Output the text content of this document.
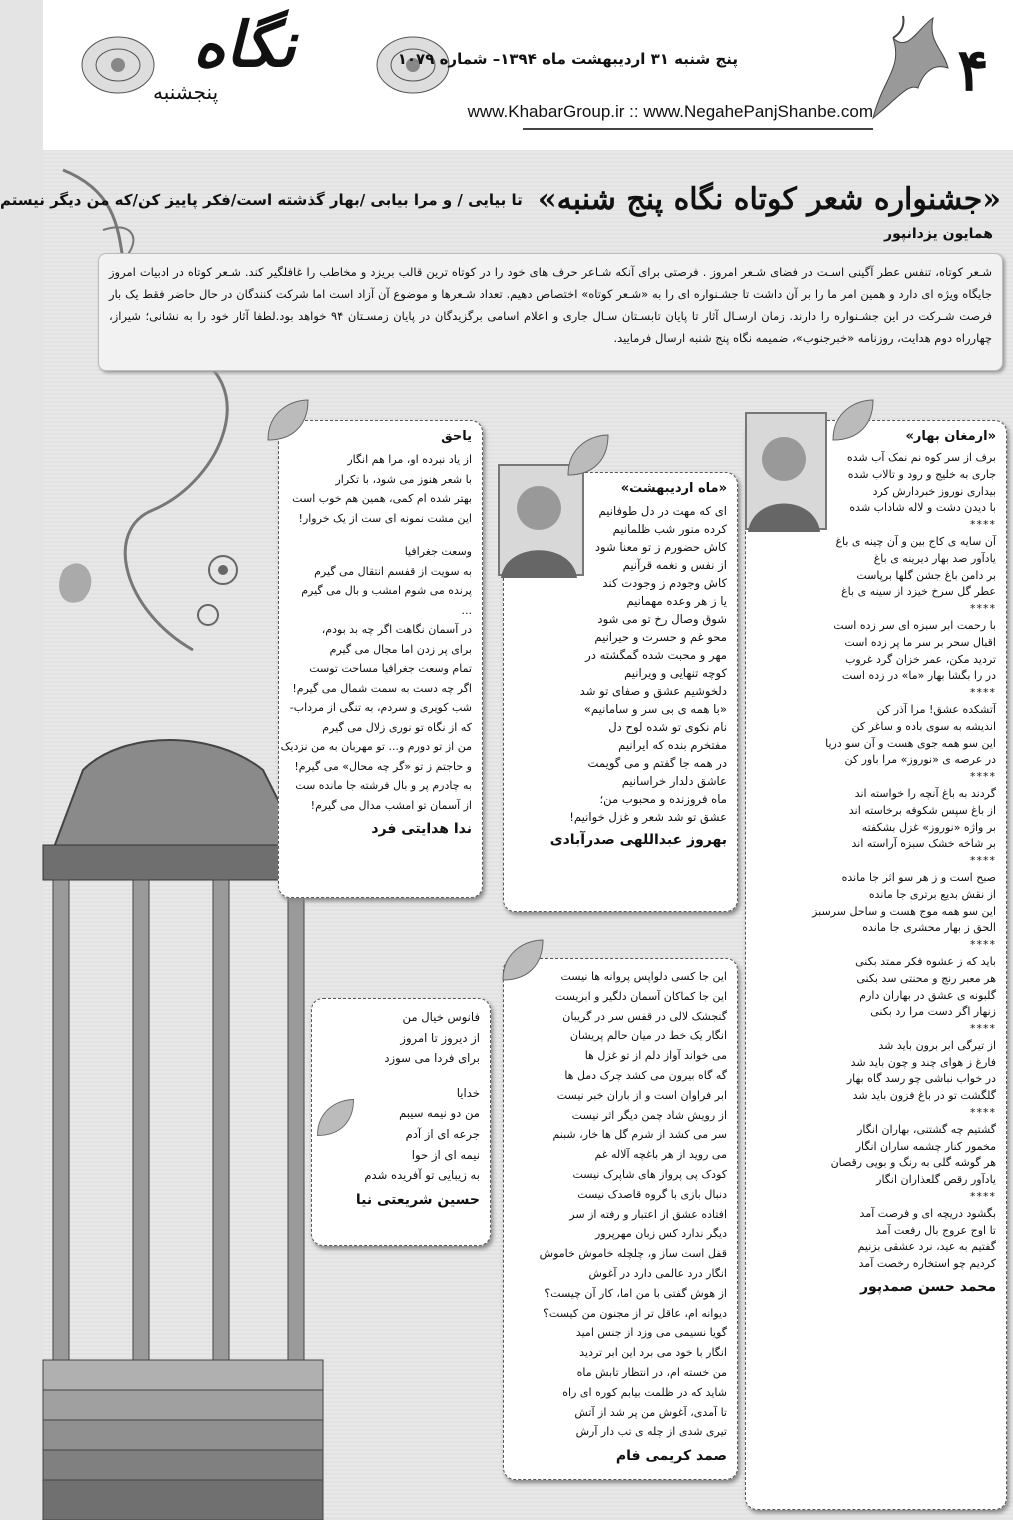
۴
نگاه
پنجشنبه
پنج شنبه ۳۱ اردیبهشت ماه ۱۳۹۴– شماره ۱۰۷۹
www.KhabarGroup.ir :: www.NegahePanjShanbe.com
«جشنواره شعر کوتاه نگاه پنج شنبه» تا بیایی / و مرا بیابی /بهار گذشته است/فکر پاییز کن/که من دیگر نیستم
همایون یزدانپور
شـعر کوتاه، تنفس عطر آگینی اسـت در فضای شـعر امروز . فرصتی برای آنکه شـاعر حرف های خود را در کوتاه ترین قالب بریزد و مخاطب را غافلگیر کند. شـعر کوتاه در ادبیات امروز جایگاه ویژه ای دارد و همین امر ما را بر آن داشت تا جشـنواره ای را به «شـعر کوتاه» اختصاص دهیم. تعداد شـعرها و موضوع آن آزاد است اما شرکت کنندگان در حال حاضر فقط یک بار فرصت شـرکت در این جشـنواره را دارند. زمان ارسـال آثار تا پایان تابسـتان سـال جاری و اعلام اسامی برگزیدگان در پایان زمسـتان ۹۴ خواهد بود.لطفا آثار خود را به نشانی؛ شیراز، چهارراه دوم هدایت، روزنامه «خبرجنوب»، ضمیمه نگاه پنج شنبه ارسال فرمایید.
«ارمغان بهار»
برف از سر کوه نم نمک آب شده
جاری به خلیج و رود و تالاب شده
بیداری نوروز خبردارش کرد
با دیدن دشت و لاله شاداب شده
****
آن سایه ی کاج بین و آن چینه ی باغ
یادآور صد بهار دیرینه ی باغ
بر دامن باغ جشن گلها برپاست
عطر گل سرخ خیزد از سینه ی باغ
****
با رحمت ابر سبزه ای سر زده است
اقبال سحر بر سر ما پر زده است
تردید مکن، عمر خزان گرد غروب
در را بگشا بهار «ما» در زده است
****
آتشکده عشق! مرا آذر کن
اندیشه به سوی باده و ساغر کن
این سو همه جوی هست و آن سو دریا
در عرصه ی «نوروز» مرا باور کن
****
گردند به باغ آنچه را خواسته اند
از باغ سپس شکوفه برخاسته اند
بر واژه «نوروز» غزل بشکفته
بر شاخه خشک سبزه آراسته اند
****
صبح است و ز هر سو اثر جا مانده
از نقش بدیع برتری جا مانده
این سو همه موج هست و ساحل سرسبز
الحق ز بهار محشری جا مانده
****
باید که ز عشوه فکر ممتد بکنی
هر معبر رنج و محنتی سد بکنی
گلبونه ی عشق در بهاران دارم
زنهار اگر دست مرا رد بکنی
****
از تیرگی ابر برون باید شد
فارغ ز هوای چند و چون باید شد
در خواب نباشی چو رسد گاه بهار
گلگشت تو در باغ فزون باید شد
****
گشتیم چه گشتنی، بهاران انگار
مخمور کنار چشمه ساران انگار
هر گوشه گلی به رنگ و بویی رقصان
یادآور رقص گلعذاران انگار
****
بگشود دریچه ای و فرصت آمد
تا اوج عروج بال رفعت آمد
گفتیم به عید، نرد عشقی بزنیم
کردیم چو استخاره رخصت آمد
محمد حسن صمدپور
«ماه اردیبهشت»
ای که مهت در دل طوفانیم
کرده منور شب ظلمانیم
کاش حضورم ز تو معنا شود
از نفس و نغمه قرآنیم
کاش وجودم ز وجودت کند
یا ز هر وعده مهمانیم
شوق وصال رخ تو می شود
محو غم و حسرت و حیرانیم
مهر و محبت شده گمگشته در
کوچه تنهایی و ویرانیم
دلخوشیم عشق و صفای تو شد
«با همه ی بی سر و سامانیم»
نام نکوی تو شده لوح دل
مفتخرم بنده که ایرانیم
در همه جا گفتم و می گویمت
عاشق دلدار خراسانیم
ماه فروزنده و محبوب من؛
عشق تو شد شعر و غزل خوانیم!
بهروز عبداللهی صدرآبادی
یاحق
از یاد نبرده او، مرا هم انگار
با شعر هنوز می شود، با تکرار
بهتر شده ام کمی، همین هم خوب است
این مشت نمونه ای ست از یک خروار!
وسعت جغرافیا
به سویت از قفسم انتقال می گیرم
پرنده می شوم امشب و بال می گیرم
...
در آسمان نگاهت اگر چه بد بودم،
برای پر زدن اما مجال می گیرم
تمام وسعت جغرافیا مساحت توست
اگر چه دست به سمت شمال می گیرم!
شب کویری و سردم، به تنگی از مرداب-
که از نگاه تو نوری زلال می گیرم
من از تو دورم و... تو مهربان به من نزدیک
و حاجتم ز تو «گر چه محال» می گیرم!
به چادرم پر و بال فرشته جا مانده ست
از آسمان تو امشب مدال می گیرم!
ندا هدایتی فرد
این جا کسی دلواپس پروانه ها نیست
این جا کماکان آسمان دلگیر و ابریست
گنجشک لالی در قفس سر در گریبان
انگار یک خط در میان حالم پریشان
می خواند آواز دلم از تو غزل ها
گه گاه بیرون می کشد چرک دمل ها
ابر فراوان است و از باران خبر نیست
از رویش شاد چمن دیگر اثر نیست
سر می کشد از شرم گل ها خار، شبنم
می روید از هر باغچه آلاله غم
کودک پی پرواز های شاپرک نیست
دنبال بازی با گروه قاصدک نیست
افتاده عشق از اعتبار و رفته از سر
دیگر ندارد کس زبان مهرپرور
قفل است ساز و، چلچله خاموش خاموش
انگار درد عالمی دارد در آغوش
از هوش گفتی با من اما، کار آن چیست؟
دیوانه ام، عاقل تر از مجنون من کیست؟
گویا نسیمی می وزد از جنس امید
انگار با خود می برد این ابر تردید
من خسته ام، در انتظار تابش ماه
شاید که در ظلمت بیابم کوره ای راه
تا آمدی، آغوش من پر شد از آتش
تیری شدی از چله ی تب دار آرش
صمد کریمی فام
فانوس خیال من
از دیروز تا امروز
برای فردا می سوزد
خدایا
من دو نیمه سیبم
جرعه ای از آدم
نیمه ای از حوا
به زیبایی تو آفریده شدم
حسین شریعتی نیا
